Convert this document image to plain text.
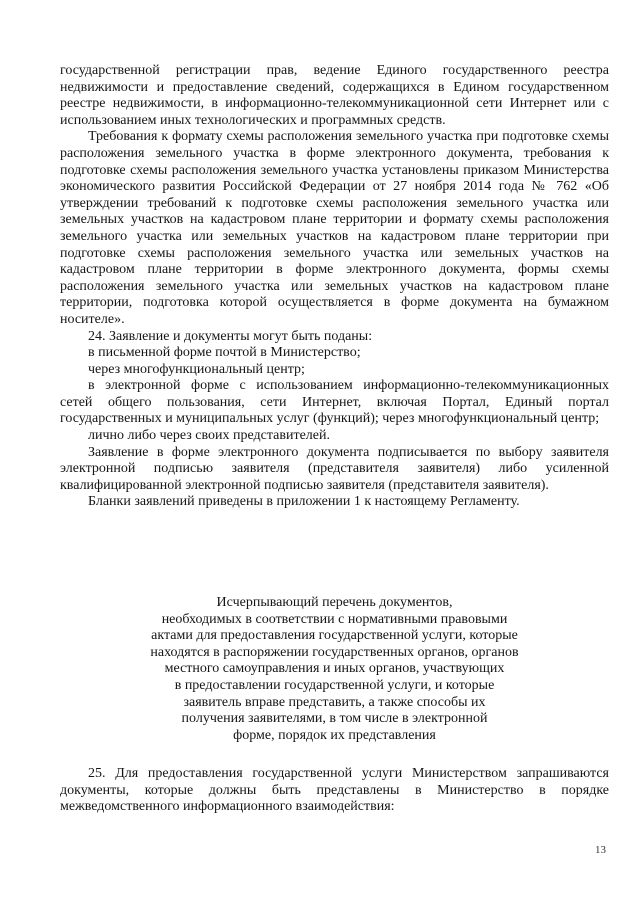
государственной регистрации прав, ведение Единого государственного реестра недвижимости и предоставление сведений, содержащихся в Едином государственном реестре недвижимости, в информационно-телекоммуникационной сети Интернет или с использованием иных технологических и программных средств.

Требования к формату схемы расположения земельного участка при подготовке схемы расположения земельного участка в форме электронного документа, требования к подготовке схемы расположения земельного участка установлены приказом Министерства экономического развития Российской Федерации от 27 ноября 2014 года № 762 «Об утверждении требований к подготовке схемы расположения земельного участка или земельных участков на кадастровом плане территории и формату схемы расположения земельного участка или земельных участков на кадастровом плане территории при подготовке схемы расположения земельного участка или земельных участков на кадастровом плане территории в форме электронного документа, формы схемы расположения земельного участка или земельных участков на кадастровом плане территории, подготовка которой осуществляется в форме документа на бумажном носителе».

24. Заявление и документы могут быть поданы:

в письменной форме почтой в Министерство;

через многофункциональный центр;

в электронной форме с использованием информационно-телекоммуникационных сетей общего пользования, сети Интернет, включая Портал, Единый портал государственных и муниципальных услуг (функций); через многофункциональный центр;

лично либо через своих представителей.

Заявление в форме электронного документа подписывается по выбору заявителя электронной подписью заявителя (представителя заявителя) либо усиленной квалифицированной электронной подписью заявителя (представителя заявителя).

Бланки заявлений приведены в приложении 1 к настоящему Регламенту.

Исчерпывающий перечень документов,
необходимых в соответствии с нормативными правовыми
актами для предоставления государственной услуги, которые
находятся в распоряжении государственных органов, органов
местного самоуправления и иных органов, участвующих
в предоставлении государственной услуги, и которые
заявитель вправе представить, а также способы их
получения заявителями, в том числе в электронной
форме, порядок их представления

25. Для предоставления государственной услуги Министерством запрашиваются документы, которые должны быть представлены в Министерство в порядке межведомственного информационного взаимодействия:

13
